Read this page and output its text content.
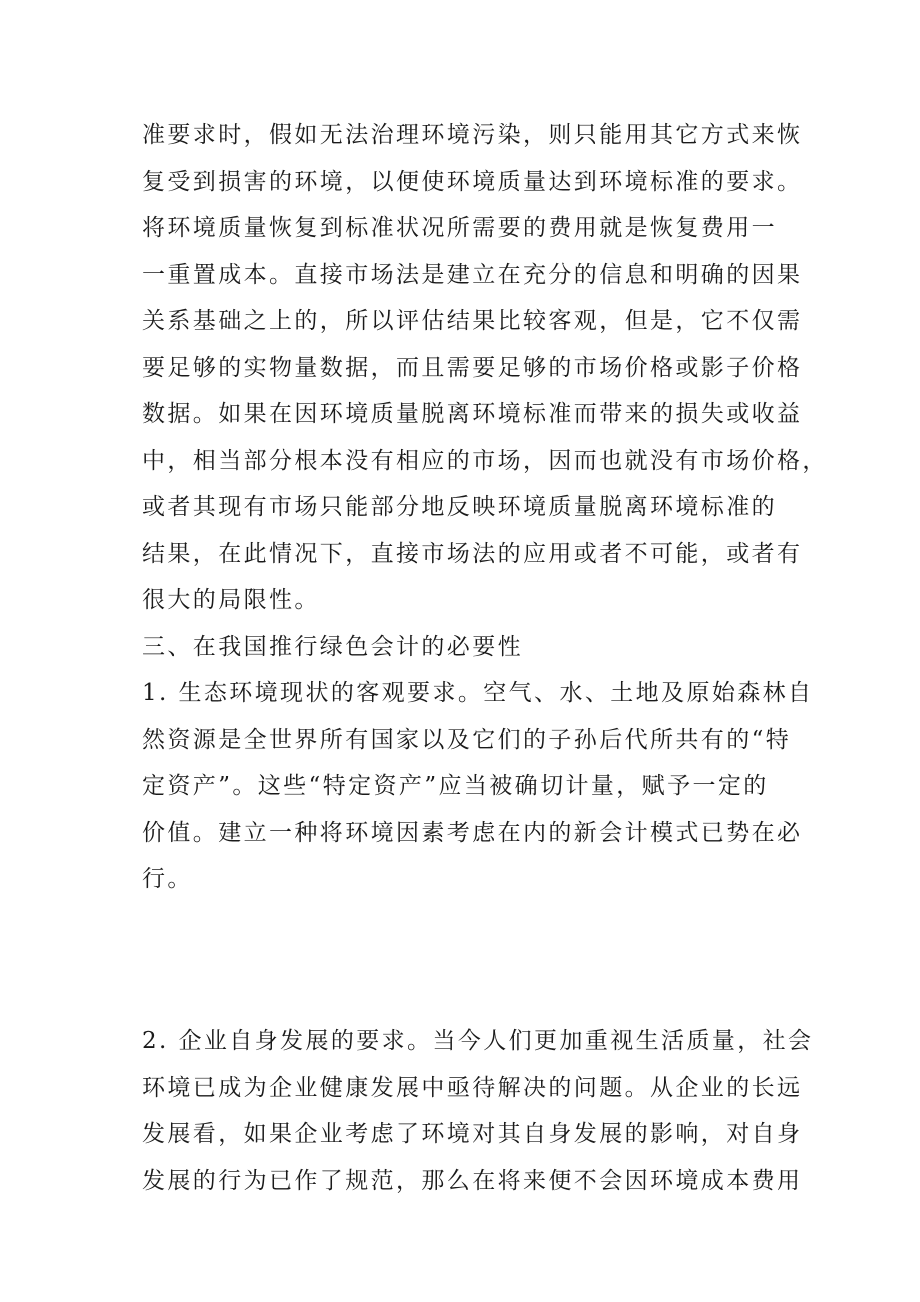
准要求时，假如无法治理环境污染，则只能用其它方式来恢
复受到损害的环境，以便使环境质量达到环境标准的要求。
将环境质量恢复到标准状况所需要的费用就是恢复费用一
一重置成本。直接市场法是建立在充分的信息和明确的因果
关系基础之上的，所以评估结果比较客观，但是，它不仅需
要足够的实物量数据，而且需要足够的市场价格或影子价格
数据。如果在因环境质量脱离环境标准而带来的损失或收益
中，相当部分根本没有相应的市场，因而也就没有市场价格，
或者其现有市场只能部分地反映环境质量脱离环境标准的
结果，在此情况下，直接市场法的应用或者不可能，或者有
很大的局限性。
三、在我国推行绿色会计的必要性
1. 生态环境现状的客观要求。空气、水、土地及原始森林自
然资源是全世界所有国家以及它们的子孙后代所共有的“特
定资产”。这些“特定资产”应当被确切计量，赋予一定的
价值。建立一种将环境因素考虑在内的新会计模式已势在必
行。
2. 企业自身发展的要求。当今人们更加重视生活质量，社会
环境已成为企业健康发展中亟待解决的问题。从企业的长远
发展看，如果企业考虑了环境对其自身发展的影响，对自身
发展的行为已作了规范，那么在将来便不会因环境成本费用
